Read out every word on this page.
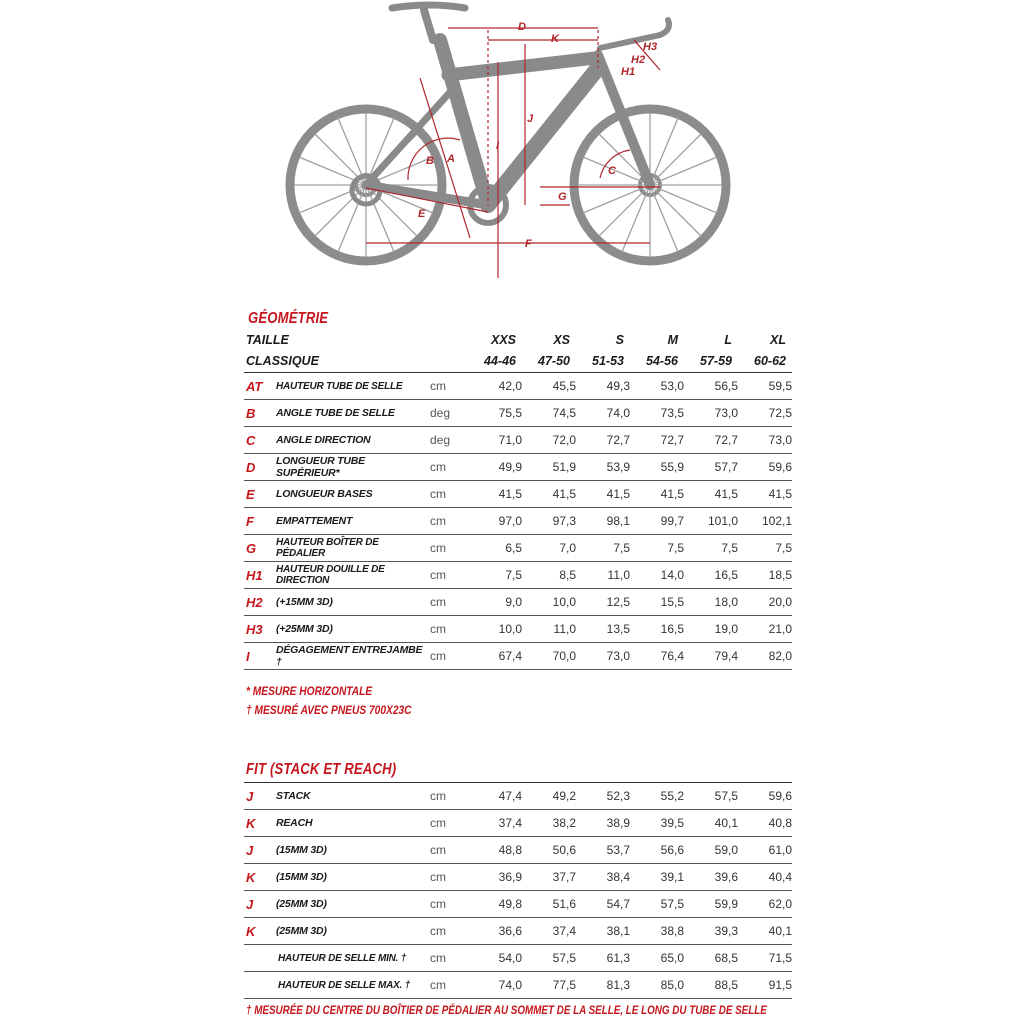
D
K
H3
H2
H1
J
I
A
B
C
E
G
F
GÉOMÉTRIE
TAILLE	XXS	XS	S	M	L	XL
CLASSIQUE	44-46	47-50	51-53	54-56	57-59	60-62
AT	HAUTEUR TUBE DE SELLE	cm	42,0	45,5	49,3	53,0	56,5	59,5
B	ANGLE TUBE DE SELLE	deg	75,5	74,5	74,0	73,5	73,0	72,5
C	ANGLE DIRECTION	deg	71,0	72,0	72,7	72,7	72,7	73,0
D	LONGUEUR TUBE SUPÉRIEUR*	cm	49,9	51,9	53,9	55,9	57,7	59,6
E	LONGUEUR BASES	cm	41,5	41,5	41,5	41,5	41,5	41,5
F	EMPATTEMENT	cm	97,0	97,3	98,1	99,7	101,0	102,1
G	HAUTEUR BOÎTER DE PÉDALIER	cm	6,5	7,0	7,5	7,5	7,5	7,5
H1	HAUTEUR DOUILLE DE DIRECTION	cm	7,5	8,5	11,0	14,0	16,5	18,5
H2	(+15MM 3D)	cm	9,0	10,0	12,5	15,5	18,0	20,0
H3	(+25MM 3D)	cm	10,0	11,0	13,5	16,5	19,0	21,0
I	DÉGAGEMENT ENTREJAMBE †	cm	67,4	70,0	73,0	76,4	79,4	82,0
* MESURE HORIZONTALE
† MESURÉ AVEC PNEUS 700X23C
FIT (STACK ET REACH)
J	STACK	cm	47,4	49,2	52,3	55,2	57,5	59,6
K	REACH	cm	37,4	38,2	38,9	39,5	40,1	40,8
J	(15MM 3D)	cm	48,8	50,6	53,7	56,6	59,0	61,0
K	(15MM 3D)	cm	36,9	37,7	38,4	39,1	39,6	40,4
J	(25MM 3D)	cm	49,8	51,6	54,7	57,5	59,9	62,0
K	(25MM 3D)	cm	36,6	37,4	38,1	38,8	39,3	40,1
	HAUTEUR DE SELLE MIN. †	cm	54,0	57,5	61,3	65,0	68,5	71,5
	HAUTEUR DE SELLE MAX. †	cm	74,0	77,5	81,3	85,0	88,5	91,5
† MESURÉE DU CENTRE DU BOÎTIER DE PÉDALIER AU SOMMET DE LA SELLE, LE LONG DU TUBE DE SELLE
